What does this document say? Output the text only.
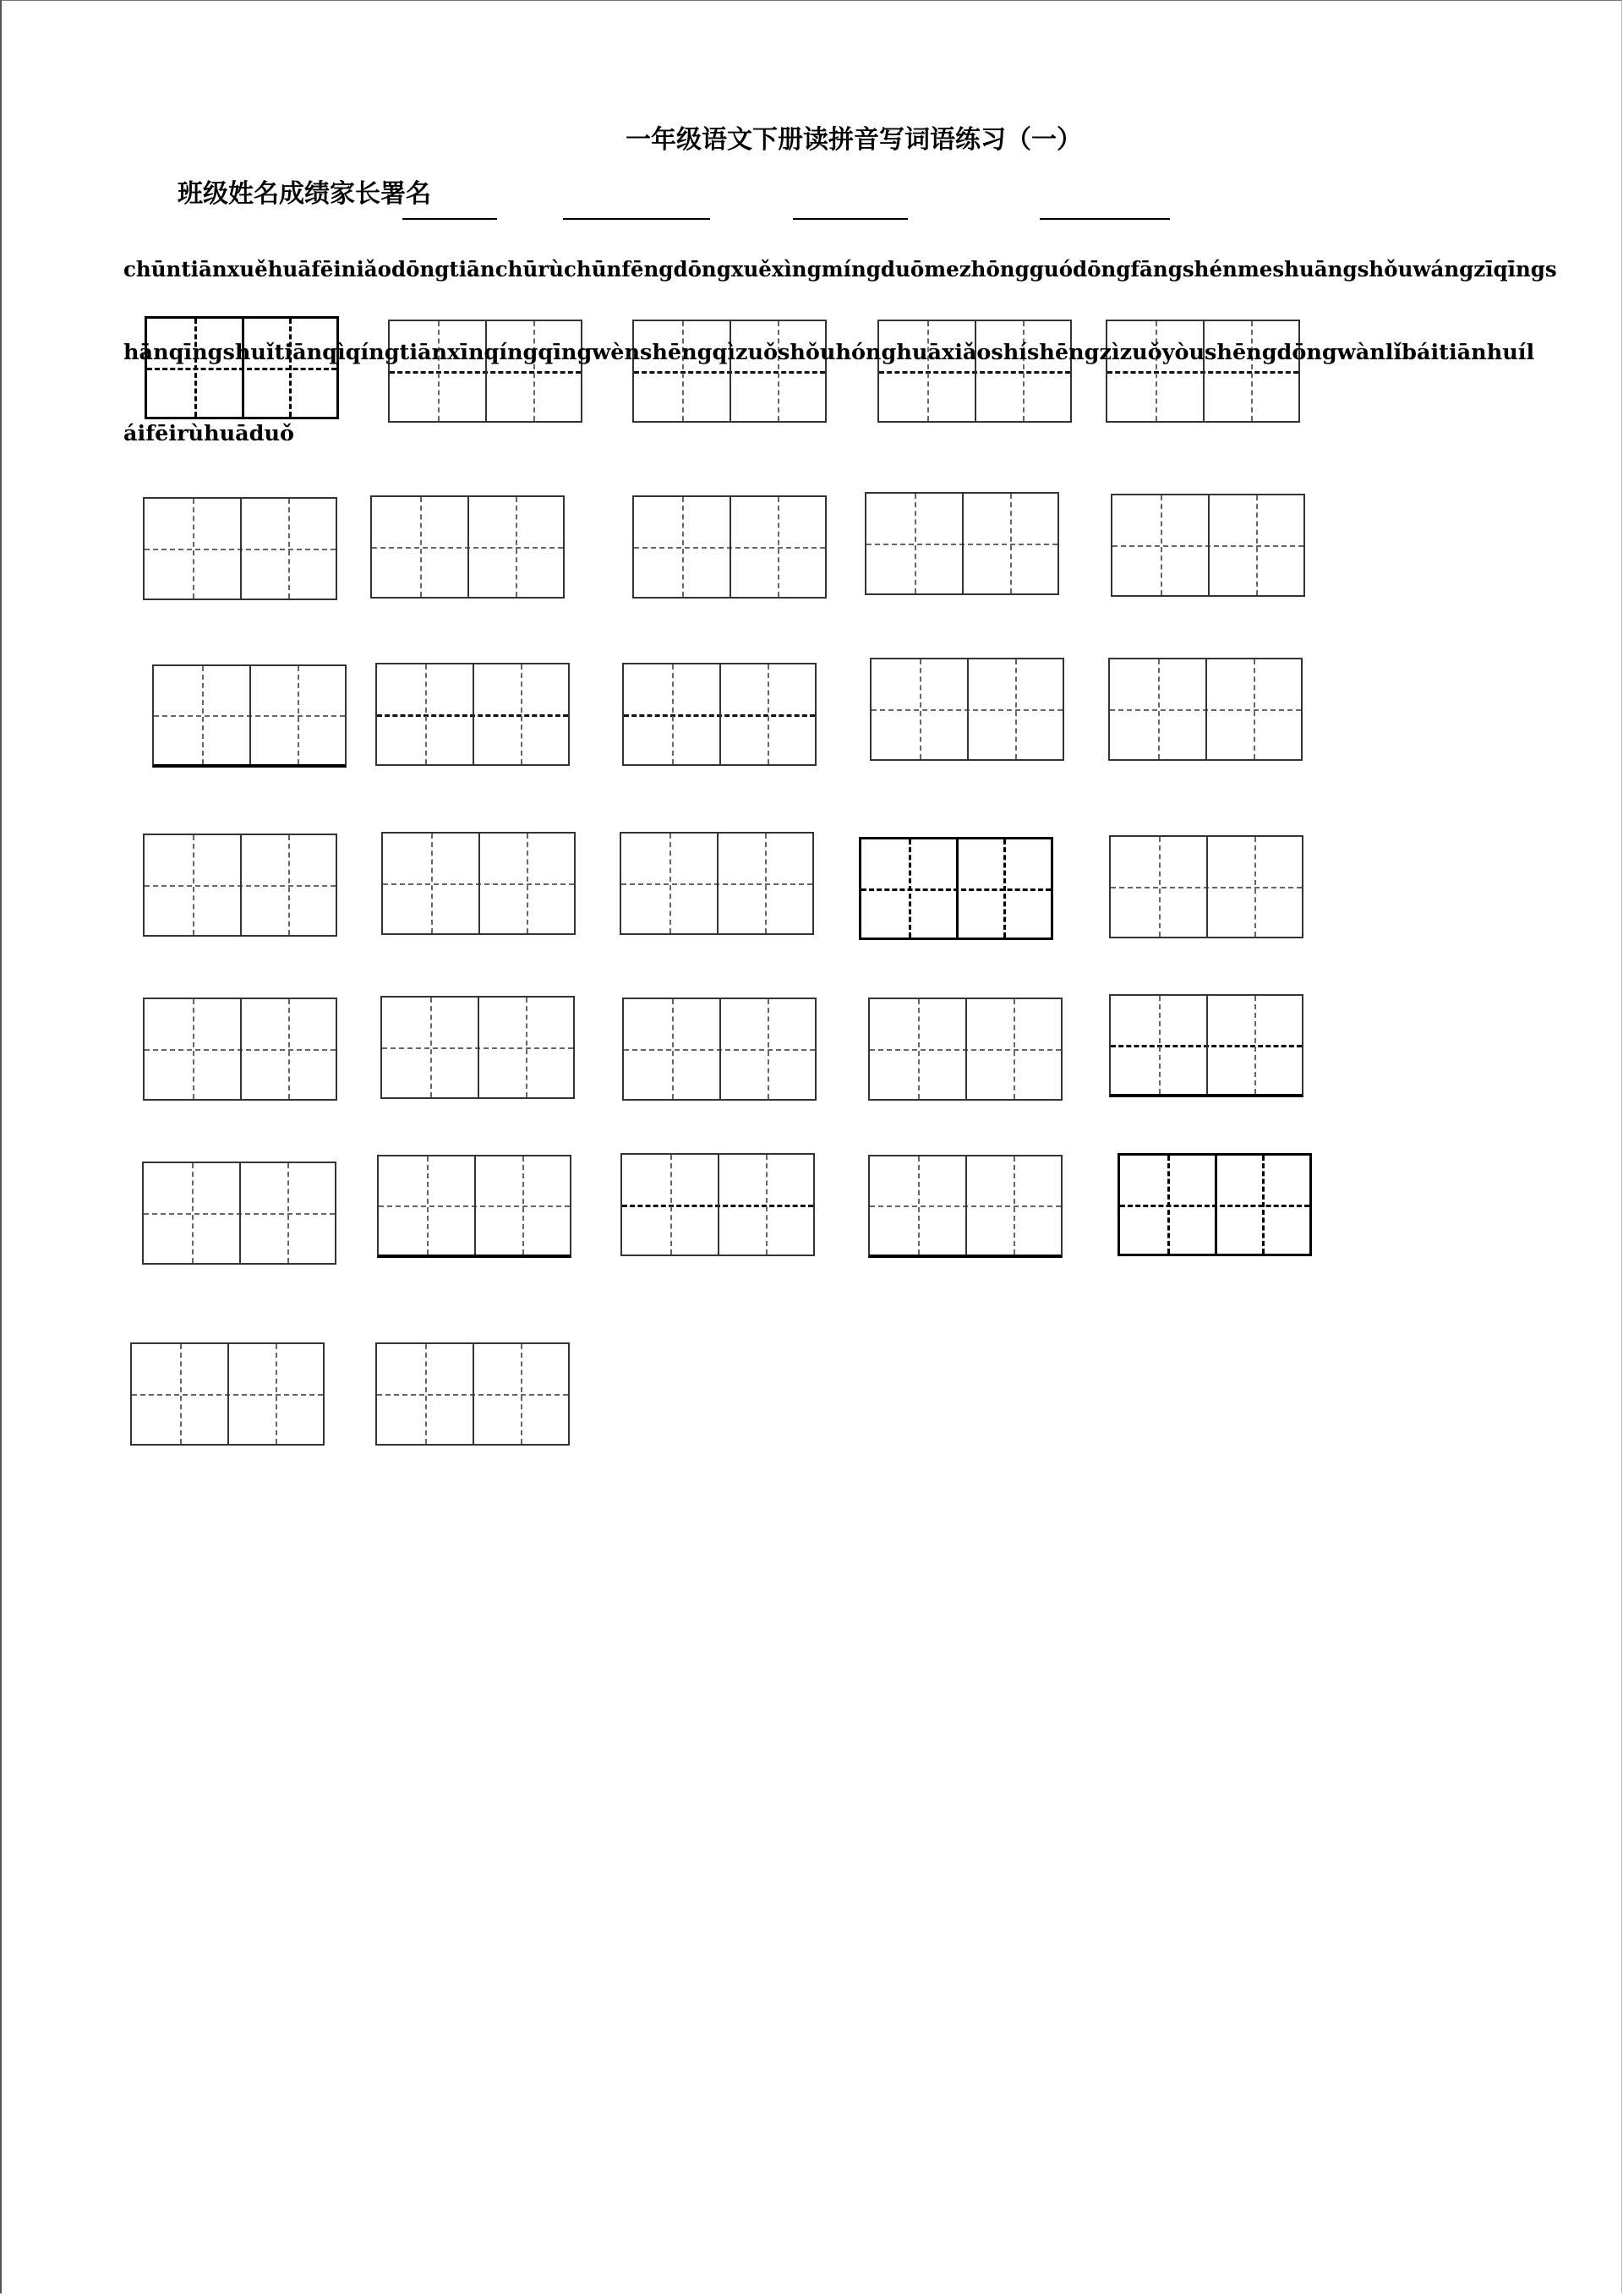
一年级语文下册读拼音写词语练习（一）
班级姓名成绩家长署名
chūntiānxuěhuāfēiniǎodōngtiānchūrùchūnfēngdōngxuěxìngmíngduōmezhōngguódōngfāngshénmeshuāngshǒuwángzīqīngs
hānqīngshuǐtiānqìqíngtiānxīnqíngqīngwènshēngqìzuǒshǒuhónghuāxiǎoshíshēngzìzuǒyòushēngdōngwànlǐbáitiānhuíl
áifēirùhuāduǒ
